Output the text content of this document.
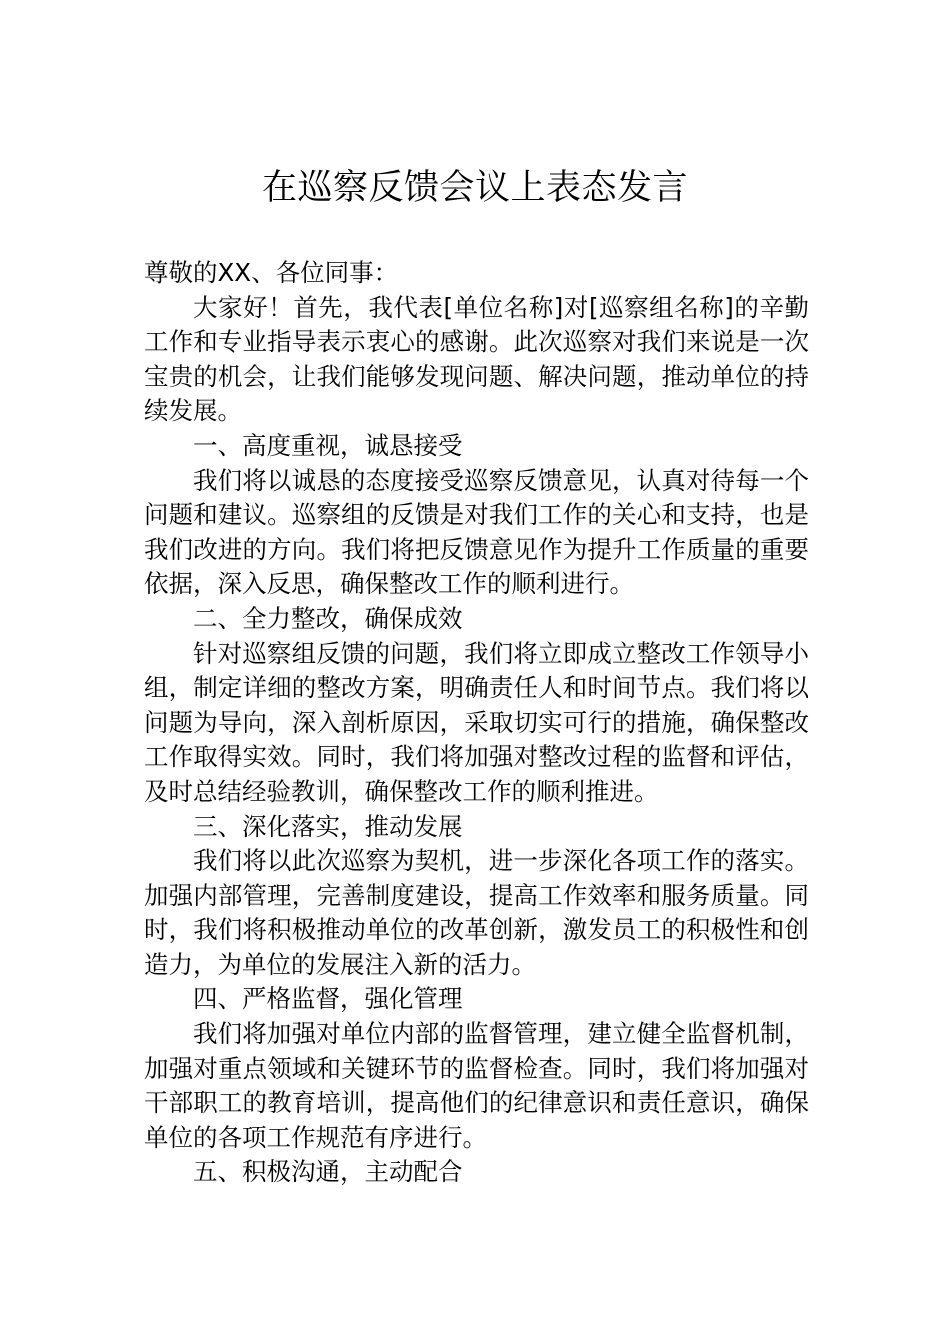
在巡察反馈会议上表态发言

尊敬的XX、各位同事：

大家好！首先，我代表[单位名称]对[巡察组名称]的辛勤工作和专业指导表示衷心的感谢。此次巡察对我们来说是一次宝贵的机会，让我们能够发现问题、解决问题，推动单位的持续发展。

一、高度重视，诚恳接受

我们将以诚恳的态度接受巡察反馈意见，认真对待每一个问题和建议。巡察组的反馈是对我们工作的关心和支持，也是我们改进的方向。我们将把反馈意见作为提升工作质量的重要依据，深入反思，确保整改工作的顺利进行。

二、全力整改，确保成效

针对巡察组反馈的问题，我们将立即成立整改工作领导小组，制定详细的整改方案，明确责任人和时间节点。我们将以问题为导向，深入剖析原因，采取切实可行的措施，确保整改工作取得实效。同时，我们将加强对整改过程的监督和评估，及时总结经验教训，确保整改工作的顺利推进。

三、深化落实，推动发展

我们将以此次巡察为契机，进一步深化各项工作的落实。加强内部管理，完善制度建设，提高工作效率和服务质量。同时，我们将积极推动单位的改革创新，激发员工的积极性和创造力，为单位的发展注入新的活力。

四、严格监督，强化管理

我们将加强对单位内部的监督管理，建立健全监督机制，加强对重点领域和关键环节的监督检查。同时，我们将加强对干部职工的教育培训，提高他们的纪律意识和责任意识，确保单位的各项工作规范有序进行。

五、积极沟通，主动配合
